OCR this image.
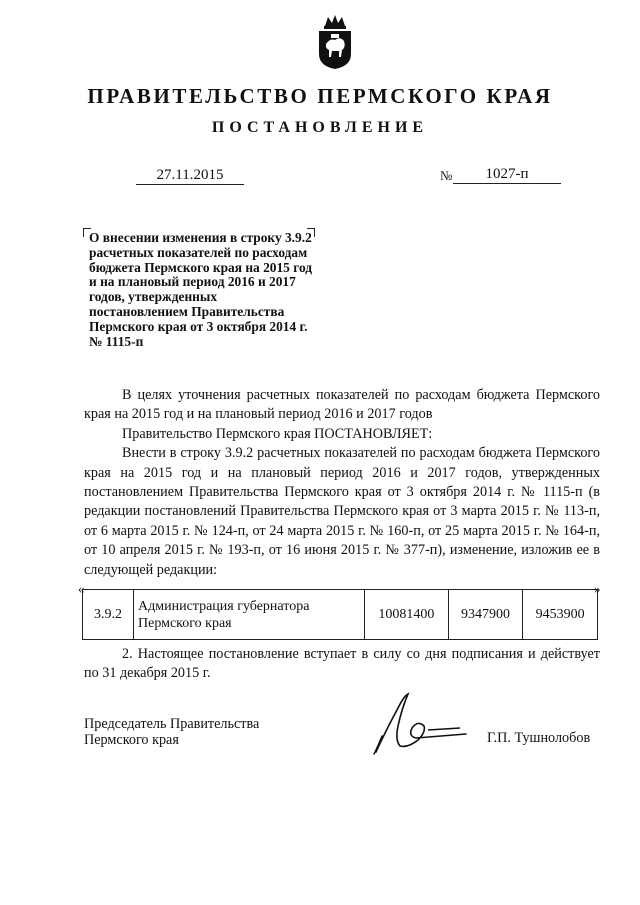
ПРАВИТЕЛЬСТВО ПЕРМСКОГО КРАЯ
ПОСТАНОВЛЕНИЕ
27.11.2015	№	1027-п
О внесении изменения в строку 3.9.2 расчетных показателей по расходам бюджета Пермского края на 2015 год и на плановый период 2016 и 2017 годов, утвержденных постановлением Правительства Пермского края от 3 октября 2014 г. № 1115-п

В целях уточнения расчетных показателей по расходам бюджета Пермского края на 2015 год и на плановый период 2016 и 2017 годов

Правительство Пермского края ПОСТАНОВЛЯЕТ:

Внести в строку 3.9.2 расчетных показателей по расходам бюджета Пермского края на 2015 год и на плановый период 2016 и 2017 годов, утвержденных постановлением Правительства Пермского края от 3 октября 2014 г. № 1115-п (в редакции постановлений Правительства Пермского края от 3 марта 2015 г. № 113-п, от 6 марта 2015 г. № 124-п, от 24 марта 2015 г. № 160-п, от 25 марта 2015 г. № 164-п, от 10 апреля 2015 г. № 193-п, от 16 июня 2015 г. № 377-п), изменение, изложив ее в следующей редакции:

«
3.9.2	Администрация губернатора Пермского края	10081400	9347900	9453900
»

2. Настоящее постановление вступает в силу со дня подписания и действует по 31 декабря 2015 г.

Председатель Правительства
Пермского края	Г.П. Тушнолобов
